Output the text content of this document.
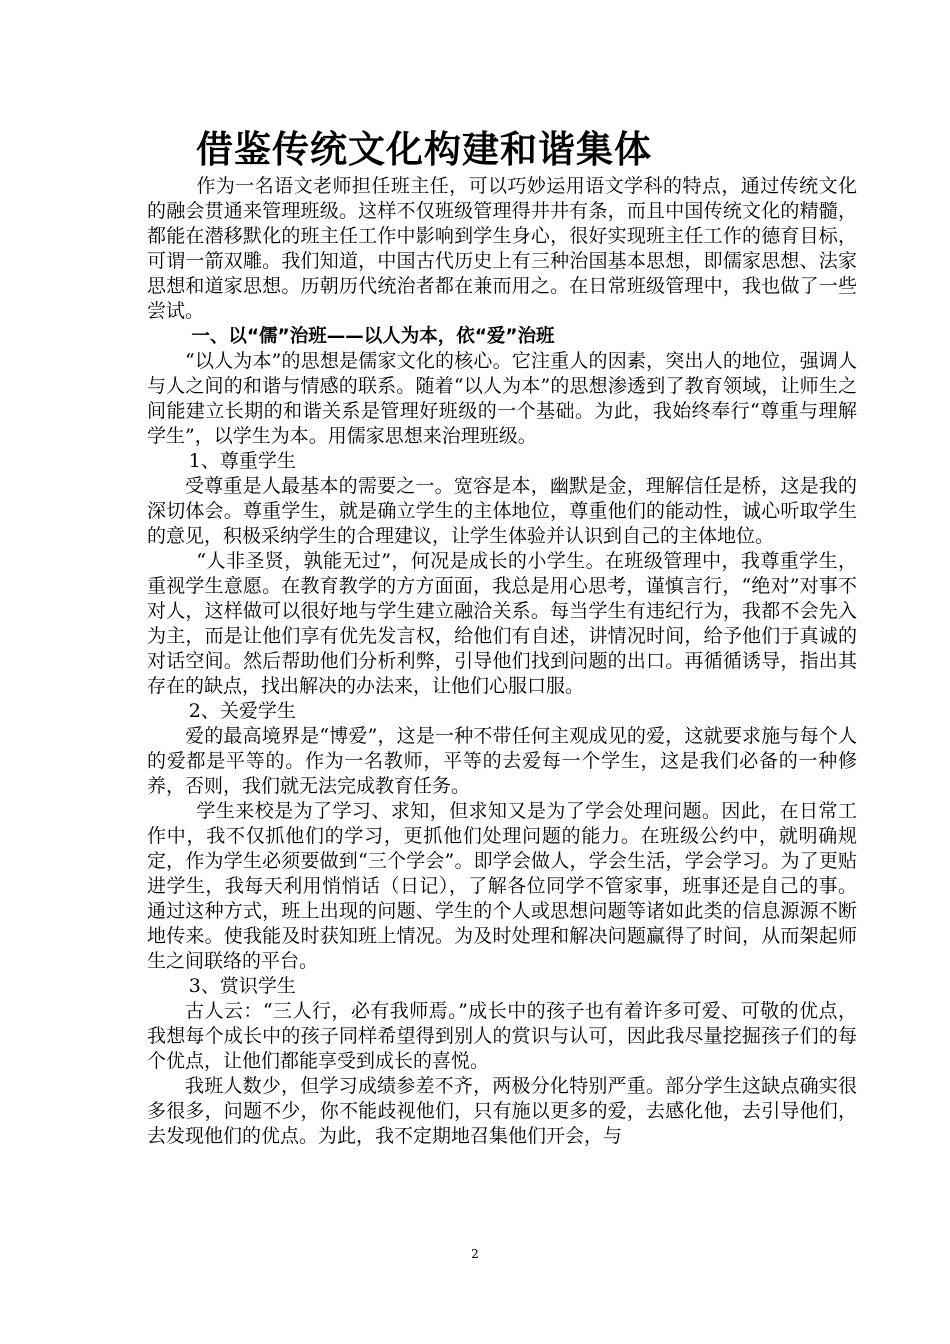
借鉴传统文化构建和谐集体

作为一名语文老师担任班主任，可以巧妙运用语文学科的特点，通过传统文化的融会贯通来管理班级。这样不仅班级管理得井井有条，而且中国传统文化的精髓，都能在潜移默化的班主任工作中影响到学生身心，很好实现班主任工作的德育目标，可谓一箭双雕。我们知道，中国古代历史上有三种治国基本思想，即儒家思想、法家思想和道家思想。历朝历代统治者都在兼而用之。在日常班级管理中，我也做了一些尝试。

一、以“儒”治班——以人为本，依“爱”治班

“以人为本”的思想是儒家文化的核心。它注重人的因素，突出人的地位，强调人与人之间的和谐与情感的联系。随着“以人为本”的思想渗透到了教育领域，让师生之间能建立长期的和谐关系是管理好班级的一个基础。为此，我始终奉行“尊重与理解学生”，以学生为本。用儒家思想来治理班级。

1、尊重学生

受尊重是人最基本的需要之一。宽容是本，幽默是金，理解信任是桥，这是我的深切体会。尊重学生，就是确立学生的主体地位，尊重他们的能动性，诚心听取学生的意见，积极采纳学生的合理建议，让学生体验并认识到自己的主体地位。

“人非圣贤，孰能无过”，何况是成长的小学生。在班级管理中，我尊重学生，重视学生意愿。在教育教学的方方面面，我总是用心思考，谨慎言行，“绝对”对事不对人，这样做可以很好地与学生建立融洽关系。每当学生有违纪行为，我都不会先入为主，而是让他们享有优先发言权，给他们有自述，讲情况时间，给予他们于真诚的对话空间。然后帮助他们分析利弊，引导他们找到问题的出口。再循循诱导，指出其存在的缺点，找出解决的办法来，让他们心服口服。

2、关爱学生

爱的最高境界是“博爱”，这是一种不带任何主观成见的爱，这就要求施与每个人的爱都是平等的。作为一名教师，平等的去爱每一个学生，这是我们必备的一种修养，否则，我们就无法完成教育任务。

学生来校是为了学习、求知，但求知又是为了学会处理问题。因此，在日常工作中，我不仅抓他们的学习，更抓他们处理问题的能力。在班级公约中，就明确规定，作为学生必须要做到“三个学会”。即学会做人，学会生活，学会学习。为了更贴进学生，我每天利用悄悄话（日记），了解各位同学不管家事，班事还是自己的事。通过这种方式，班上出现的问题、学生的个人或思想问题等诸如此类的信息源源不断地传来。使我能及时获知班上情况。为及时处理和解决问题赢得了时间，从而架起师生之间联络的平台。

3、赏识学生

古人云：“三人行，必有我师焉。”成长中的孩子也有着许多可爱、可敬的优点，我想每个成长中的孩子同样希望得到别人的赏识与认可，因此我尽量挖掘孩子们的每个优点，让他们都能享受到成长的喜悦。

我班人数少，但学习成绩参差不齐，两极分化特别严重。部分学生这缺点确实很多很多，问题不少，你不能歧视他们，只有施以更多的爱，去感化他，去引导他们，去发现他们的优点。为此，我不定期地召集他们开会，与

2
